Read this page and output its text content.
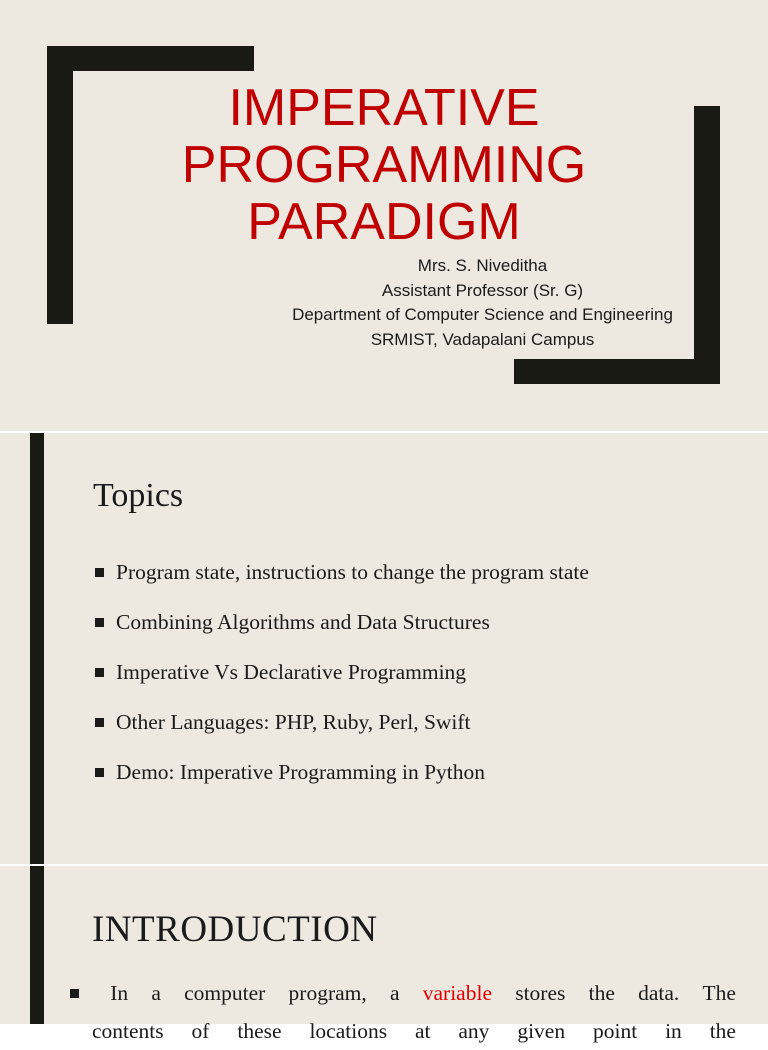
IMPERATIVE
PROGRAMMING
PARADIGM
Mrs. S. Niveditha
Assistant Professor (Sr. G)
Department of Computer Science and Engineering
SRMIST, Vadapalani Campus
Topics
Program state, instructions to change the program state
Combining Algorithms and Data Structures
Imperative Vs Declarative Programming
Other Languages: PHP, Ruby, Perl, Swift
Demo: Imperative Programming in Python
INTRODUCTION
In a computer program, a variable stores the data. The
contents of these locations at any given point in the
